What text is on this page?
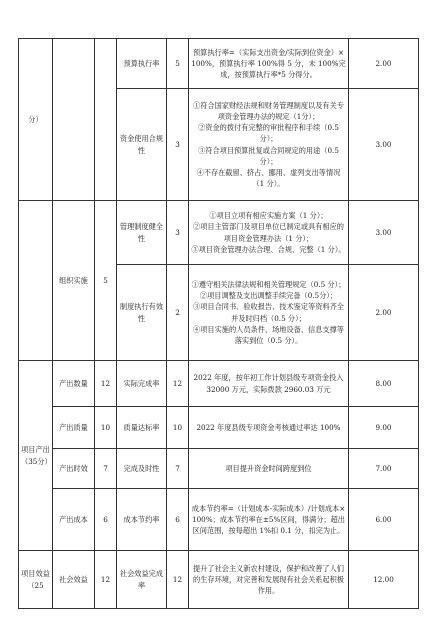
分）			预算执行率	5	预算执行率=（实际支出资金/实际到位资金）×100%，预算执行率 100%得 5 分，未 100%完成，按预算执行率*5 分得分。	2.00
			资金使用合规性	3	①符合国家财经法规和财务管理制度以及有关专项资金管理办法的规定（1分）；
②资金的拨付有完整的审批程序和手续（0.5 分）；
③符合项目预算批复或合同规定的用途（0.5 分）；
④不存在截留、挤占、挪用、虚列支出等情况（1 分）。	3.00
	组织实施	5	管理制度健全性	3	①项目立项有相应实施方案（1 分）；
②项目主管部门及项目单位已制定或具有相应的项目资金管理办法（1 分）；
③项目资金管理办法合理、合规、完整（1 分）。	3.00
			制度执行有效性	2	①遵守相关法律法规和相关管理规定（0.5 分）；
②项目调整及支出调整手续完备（0.5分）；
③项目合同书、验收报告、技术鉴定等资料齐全并及时归档（0.5 分）；
④项目实施的人员条件、场地设备、信息支撑等落实到位（0.5 分）。	2.00
项目产出（35分）	产出数量	12	实际完成率	12	2022 年度，按年初工作计划县级专项资金投入 32000 万元，实际拨款 2960.03 万元	8.00
	产出质量	10	质量达标率	10	2022 年度县级专项资金考核通过率达 100%	9.00
	产出时效	7	完成及时性	7	项目提升资金时间跨度到位	7.00
	产出成本	6	成本节约率	6	成本节约率=（计划成本-实际成本）/计划成本×100%；成本节约率在±5%区间，得满分；超出区间范围，按每超出 1%扣 0.1 分，扣完为止。	6.00
项目效益（25	社会效益	12	社会效益完成率	12	提升了社会主义新农村建设，保护和改善了人们的生存环境，对完善和发展现有社会关系起积极作用。	12.00
